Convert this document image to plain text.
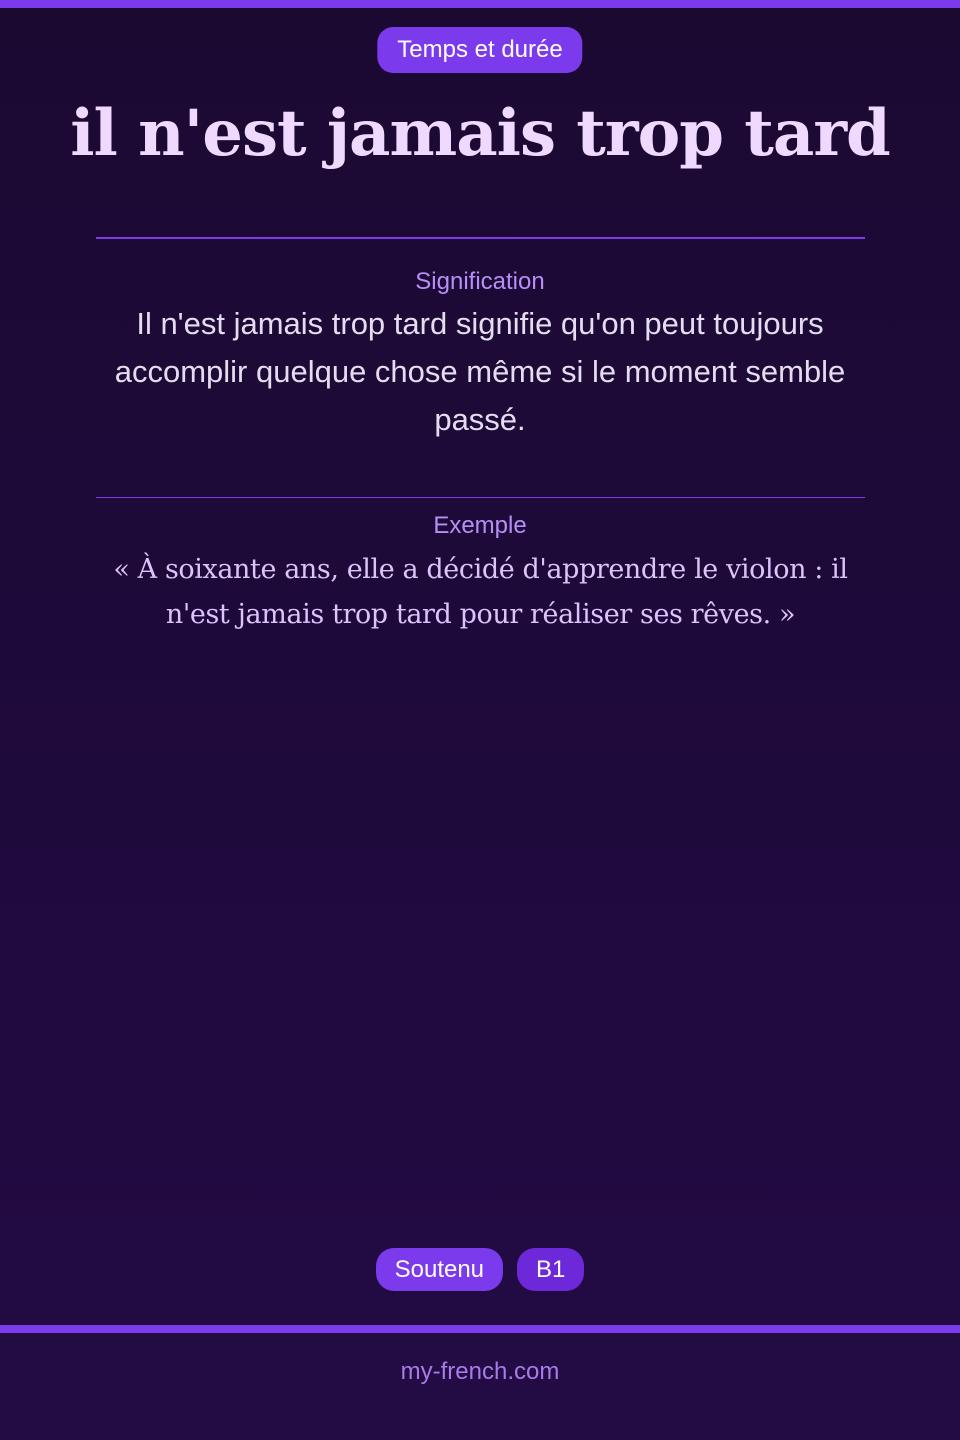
Temps et durée
il n'est jamais trop tard
Signification

Il n'est jamais trop tard signifie qu'on peut toujours accomplir quelque chose même si le moment semble passé.

Exemple

« À soixante ans, elle a décidé d'apprendre le violon : il n'est jamais trop tard pour réaliser ses rêves. »

Soutenu	B1
my-french.com
